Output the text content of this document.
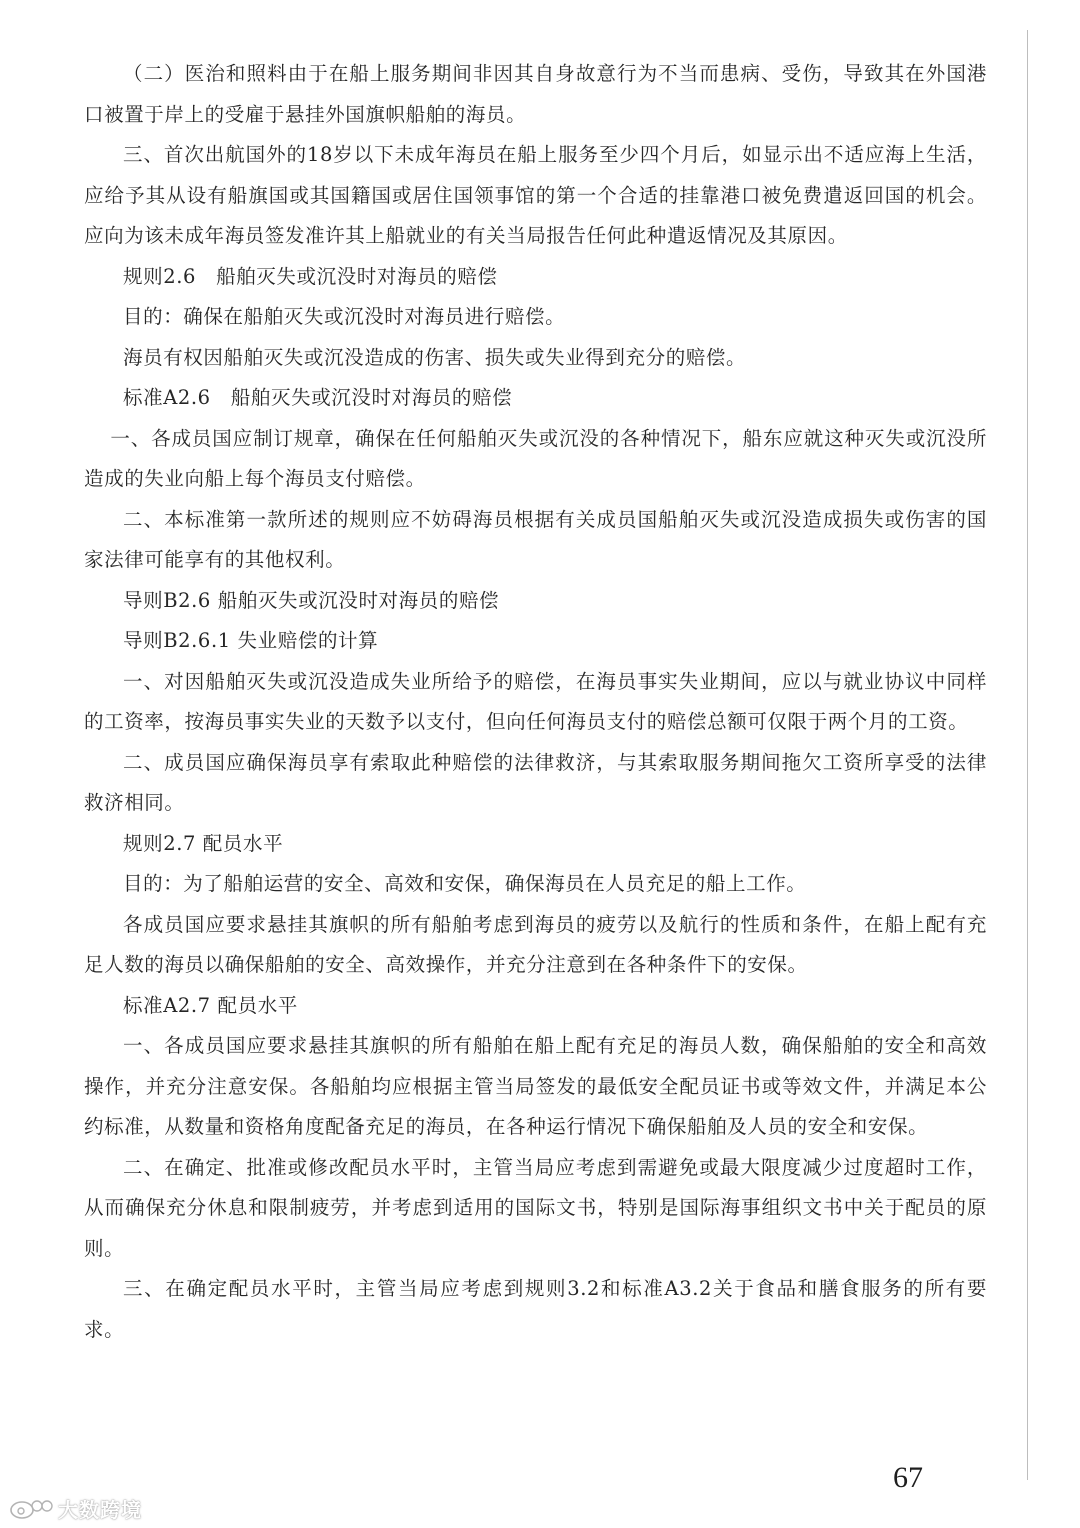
（二）医治和照料由于在船上服务期间非因其自身故意行为不当而患病、受伤，导致其在外国港口被置于岸上的受雇于悬挂外国旗帜船舶的海员。

三、首次出航国外的18岁以下未成年海员在船上服务至少四个月后，如显示出不适应海上生活，应给予其从设有船旗国或其国籍国或居住国领事馆的第一个合适的挂靠港口被免费遣返回国的机会。应向为该未成年海员签发准许其上船就业的有关当局报告任何此种遣返情况及其原因。

规则2.6　船舶灭失或沉没时对海员的赔偿

目的：确保在船舶灭失或沉没时对海员进行赔偿。

海员有权因船舶灭失或沉没造成的伤害、损失或失业得到充分的赔偿。

标准A2.6　船舶灭失或沉没时对海员的赔偿

一、各成员国应制订规章，确保在任何船舶灭失或沉没的各种情况下，船东应就这种灭失或沉没所造成的失业向船上每个海员支付赔偿。

二、本标准第一款所述的规则应不妨碍海员根据有关成员国船舶灭失或沉没造成损失或伤害的国家法律可能享有的其他权利。

导则B2.6 船舶灭失或沉没时对海员的赔偿

导则B2.6.1 失业赔偿的计算

一、对因船舶灭失或沉没造成失业所给予的赔偿，在海员事实失业期间，应以与就业协议中同样的工资率，按海员事实失业的天数予以支付，但向任何海员支付的赔偿总额可仅限于两个月的工资。

二、成员国应确保海员享有索取此种赔偿的法律救济，与其索取服务期间拖欠工资所享受的法律救济相同。

规则2.7 配员水平

目的：为了船舶运营的安全、高效和安保，确保海员在人员充足的船上工作。

各成员国应要求悬挂其旗帜的所有船舶考虑到海员的疲劳以及航行的性质和条件，在船上配有充足人数的海员以确保船舶的安全、高效操作，并充分注意到在各种条件下的安保。

标准A2.7 配员水平

一、各成员国应要求悬挂其旗帜的所有船舶在船上配有充足的海员人数，确保船舶的安全和高效操作，并充分注意安保。各船舶均应根据主管当局签发的最低安全配员证书或等效文件，并满足本公约标准，从数量和资格角度配备充足的海员，在各种运行情况下确保船舶及人员的安全和安保。

二、在确定、批准或修改配员水平时，主管当局应考虑到需避免或最大限度减少过度超时工作，从而确保充分休息和限制疲劳，并考虑到适用的国际文书，特别是国际海事组织文书中关于配员的原则。

三、在确定配员水平时，主管当局应考虑到规则3.2和标准A3.2关于食品和膳食服务的所有要求。

67
大数跨境
